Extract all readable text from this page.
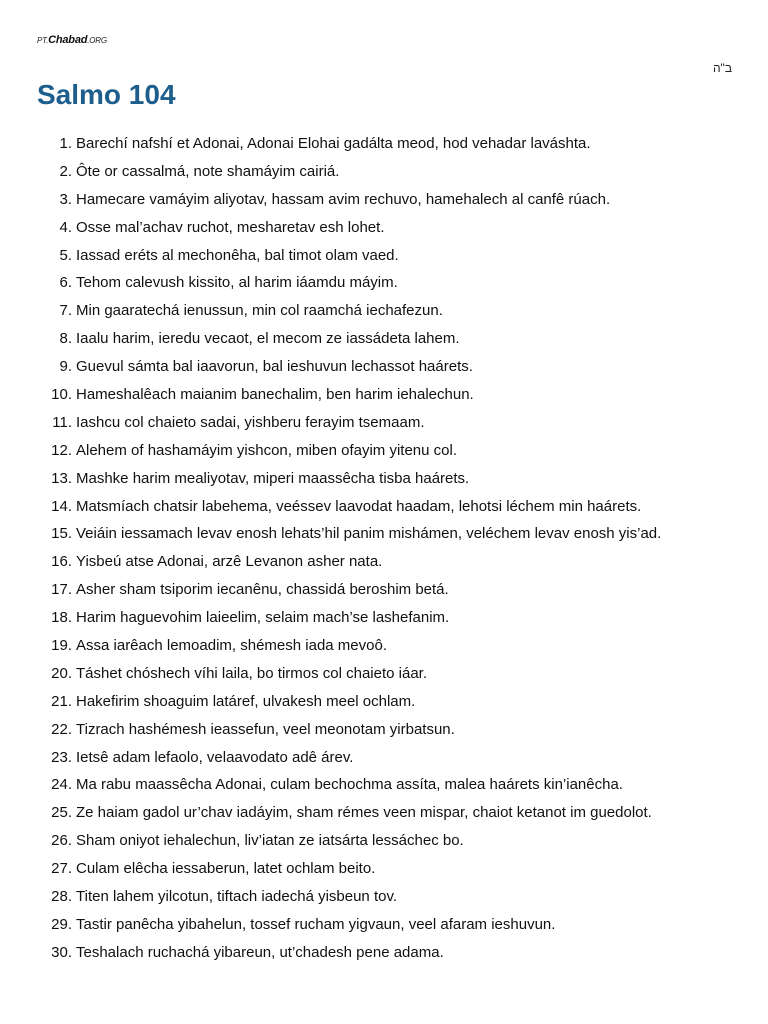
PT.Chabad.ORG
ב"ה
Salmo 104
1. Barechí nafshí et Adonai, Adonai Elohai gadálta meod, hod vehadar laváshta.
2. Ôte or cassalmá, note shamáyim cairiá.
3. Hamecare vamáyim aliyotav, hassam avim rechuvo, hamehalech al canfê rúach.
4. Osse mal’achav ruchot, mesharetav esh lohet.
5. Iassad eréts al mechonêha, bal timot olam vaed.
6. Tehom calevush kissito, al harim iáamdu máyim.
7. Min gaaratechá ienussun, min col raamchá iechafezun.
8. Iaalu harim, ieredu vecaot, el mecom ze iassádeta lahem.
9. Guevul sámta bal iaavorun, bal ieshuvun lechassot haárets.
10. Hameshalêach maianim banechalim, ben harim iehalechun.
11. Iashcu col chaieto sadai, yishberu ferayim tsemaam.
12. Alehem of hashamáyim yishcon, miben ofayim yitenu col.
13. Mashke harim mealiyotav, miperi maassêcha tisba haárets.
14. Matsmíach chatsir labehema, veéssev laavodat haadam, lehotsi léchem min haárets.
15. Veiáin iessamach levav enosh lehats’hil panim mishámen, veléchem levav enosh yis’ad.
16. Yisbeú atse Adonai, arzê Levanon asher nata.
17. Asher sham tsiporim iecanênu, chassidá beroshim betá.
18. Harim haguevohim laieelim, selaim mach’se lashefanim.
19. Assa iarêach lemoadim, shémesh iada mevoô.
20. Táshet chóshech víhi laila, bo tirmos col chaieto iáar.
21. Hakefirim shoaguim latáref, ulvakesh meel ochlam.
22. Tizrach hashémesh ieassefun, veel meonotam yirbatsun.
23. Ietsê adam lefaolo, velaavodato adê árev.
24. Ma rabu maassêcha Adonai, culam bechochma assíta, malea haárets kin’ianêcha.
25. Ze haiam gadol ur’chav iadáyim, sham rémes veen mispar, chaiot ketanot im guedolot.
26. Sham oniyot iehalechun, liv’iatan ze iatsárta lessáchec bo.
27. Culam elêcha iessaberun, latet ochlam beito.
28. Titen lahem yilcotun, tiftach iadechá yisbeun tov.
29. Tastir panêcha yibahelun, tossef rucham yigvaun, veel afaram ieshuvun.
30. Teshalach ruchachá yibareun, ut’chadesh pene adama.
